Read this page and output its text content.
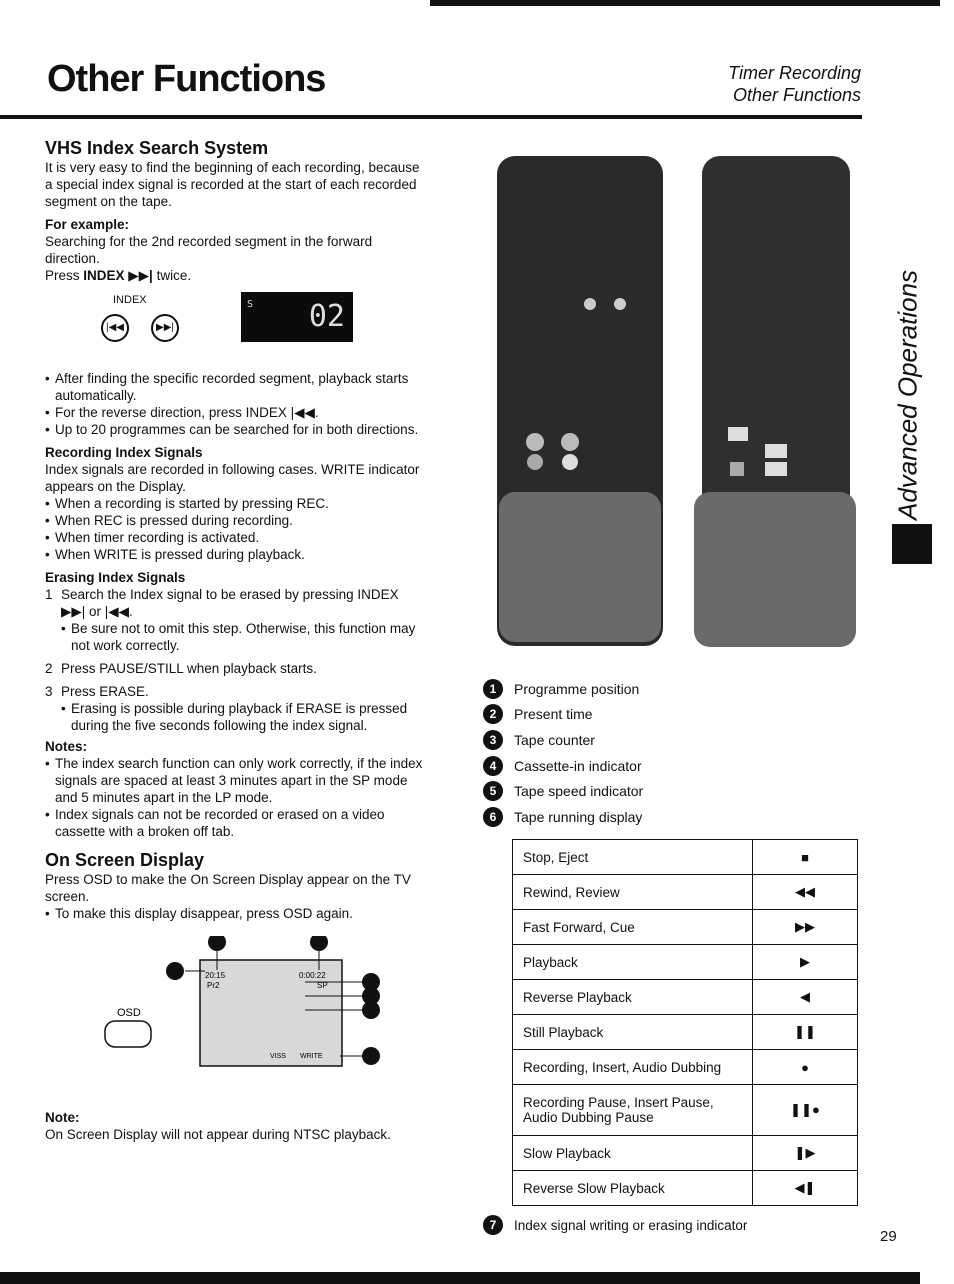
Other Functions	Timer Recording
Other Functions
Advanced Operations
VHS Index Search System

It is very easy to find the beginning of each recording, because a special index signal is recorded at the start of each recorded segment on the tape.

For example:

Searching for the 2nd recorded segment in the forward direction.

Press INDEX ▶▶| twice.

INDEX
|◀◀	▶▶|
S 02

• After finding the specific recorded segment, playback starts automatically.

• For the reverse direction, press INDEX |◀◀.

• Up to 20 programmes can be searched for in both directions.

Recording Index Signals

Index signals are recorded in following cases. WRITE indicator appears on the Display.

• When a recording is started by pressing REC.

• When REC is pressed during recording.

• When timer recording is activated.

• When WRITE is pressed during playback.

Erasing Index Signals
1 Search the Index signal to be erased by pressing INDEX ▶▶| or |◀◀.

• Be sure not to omit this step. Otherwise, this function may not work correctly.

2 Press PAUSE/STILL when playback starts.

3 Press ERASE.

• Erasing is possible during playback if ERASE is pressed during the five seconds following the index signal.

Notes:

• The index search function can only work correctly, if the index signals are spaced at least 3 minutes apart in the SP mode and 5 minutes apart in the LP mode.

• Index signals can not be recorded or erased on a video cassette with a broken off tab.

On Screen Display

Press OSD to make the On Screen Display appear on the TV screen.

• To make this display disappear, press OSD again.

OSD
20:15
Pr2
0:00:22
SP
VISS WRITE
Note:

On Screen Display will not appear during NTSC playback.

1	Programme position
2	Present time
3	Tape counter
4	Cassette-in indicator
5	Tape speed indicator
6	Tape running display
Stop, Eject	■
Rewind, Review	◀◀
Fast Forward, Cue	▶▶
Playback	▶
Reverse Playback	◀
Still Playback	❚❚
Recording, Insert, Audio Dubbing	●
Recording Pause, Insert Pause, Audio Dubbing Pause	❚❚●
Slow Playback	❚▶
Reverse Slow Playback	◀❚
7	Index signal writing or erasing indicator
29
